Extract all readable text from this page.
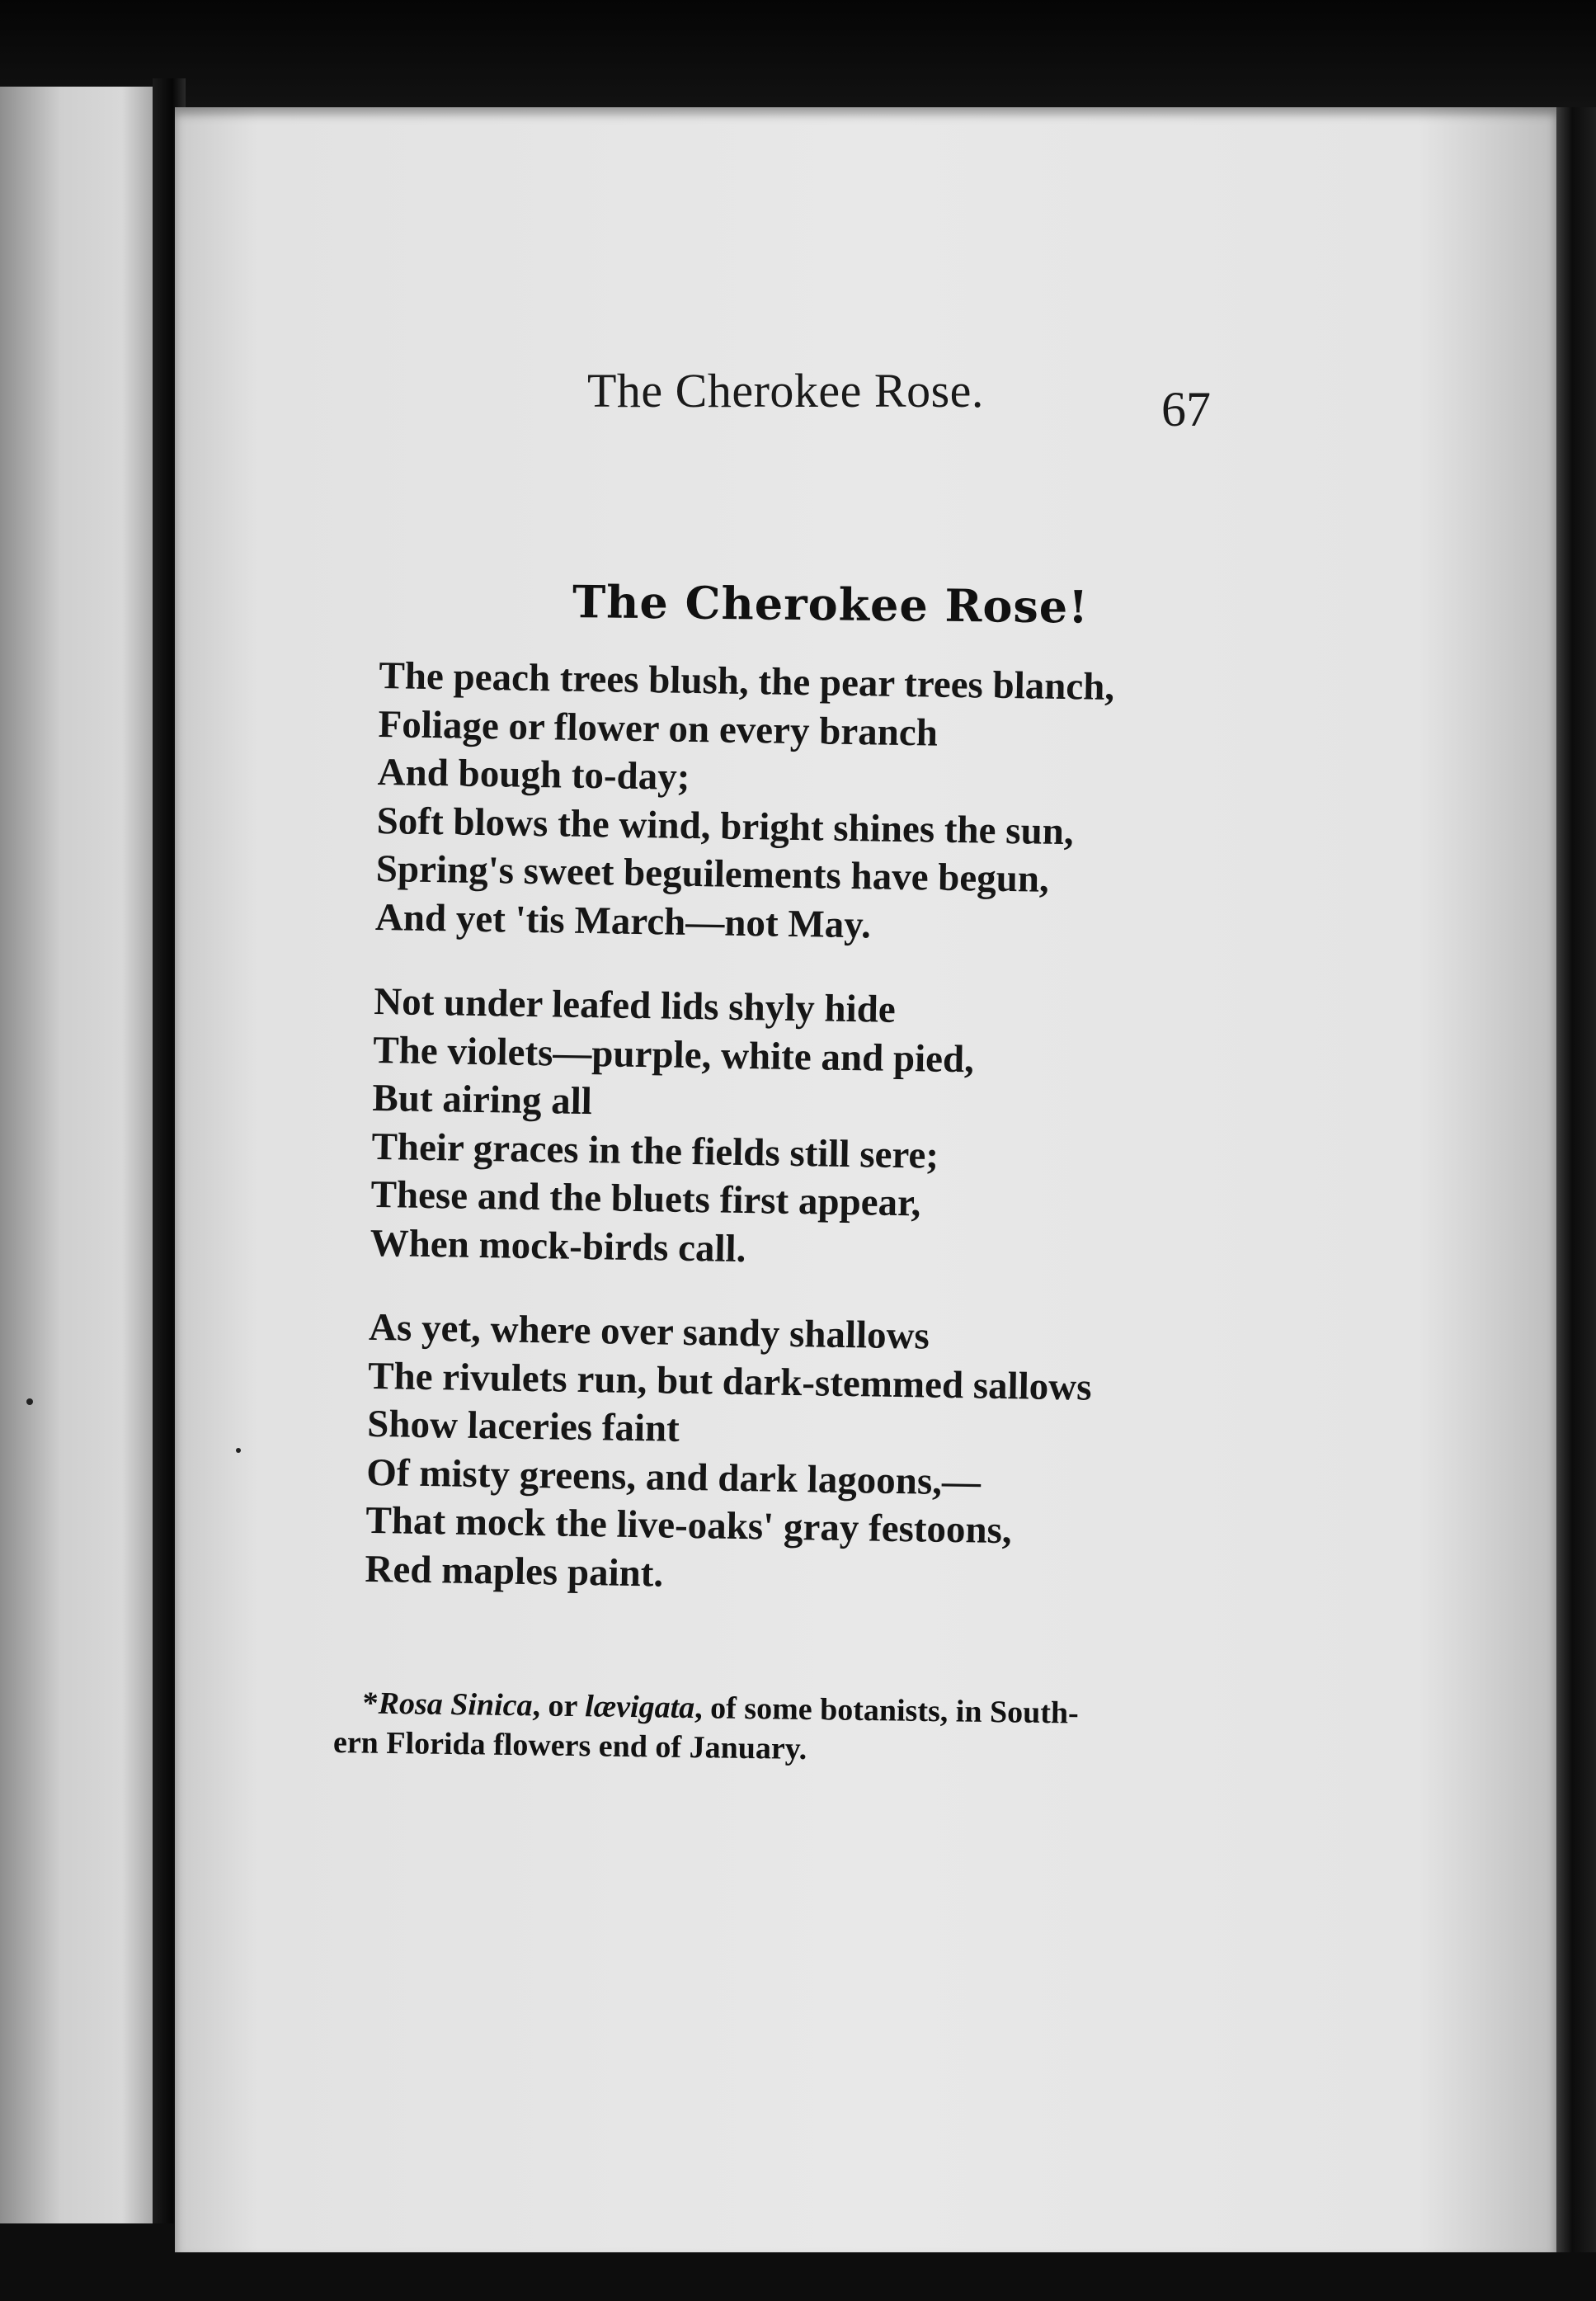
The Cherokee Rose.	67
The Cherokee Rose!
The peach trees blush, the pear trees blanch,
Foliage or flower on every branch
And bough to-day;
Soft blows the wind, bright shines the sun,
Spring's sweet beguilements have begun,
And yet 'tis March—not May.
Not under leafed lids shyly hide
The violets—purple, white and pied,
But airing all
Their graces in the fields still sere;
These and the bluets first appear,
When mock-birds call.
As yet, where over sandy shallows
The rivulets run, but dark-stemmed sallows
Show laceries faint
Of misty greens, and dark lagoons,—
That mock the live-oaks' gray festoons,
Red maples paint.
*Rosa Sinica, or lævigata, of some botanists, in South-
ern Florida flowers end of January.
